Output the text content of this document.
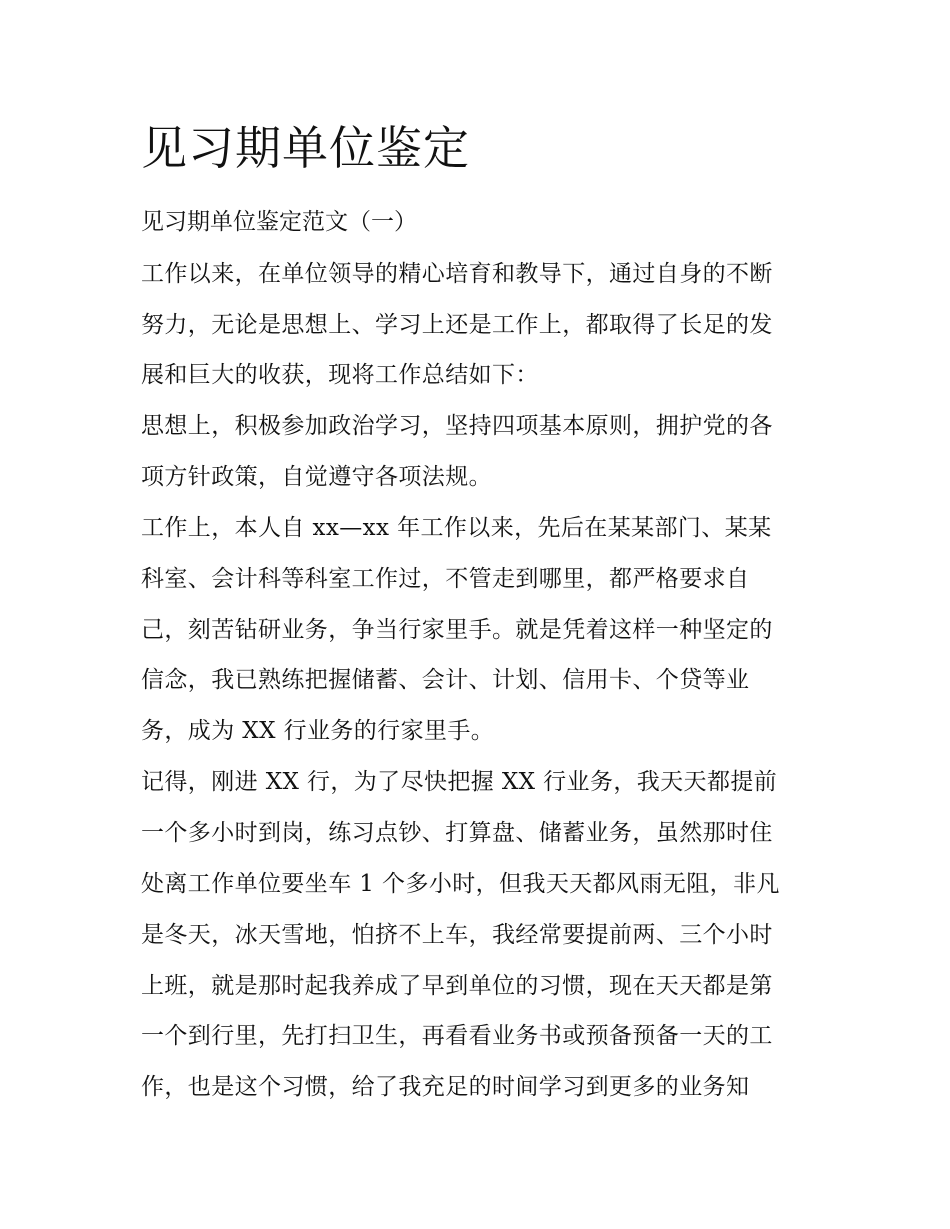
见习期单位鉴定

见习期单位鉴定范文（一）

工作以来，在单位领导的精心培育和教导下，通过自身的不断

努力，无论是思想上、学习上还是工作上，都取得了长足的发

展和巨大的收获，现将工作总结如下：

思想上，积极参加政治学习，坚持四项基本原则，拥护党的各

项方针政策，自觉遵守各项法规。

工作上，本人自 xx—xx 年工作以来，先后在某某部门、某某

科室、会计科等科室工作过，不管走到哪里，都严格要求自

己，刻苦钻研业务，争当行家里手。就是凭着这样一种坚定的

信念，我已熟练把握储蓄、会计、计划、信用卡、个贷等业

务，成为 XX 行业务的行家里手。

记得，刚进 XX 行，为了尽快把握 XX 行业务，我天天都提前

一个多小时到岗，练习点钞、打算盘、储蓄业务，虽然那时住

处离工作单位要坐车 1 个多小时，但我天天都风雨无阻，非凡

是冬天，冰天雪地，怕挤不上车，我经常要提前两、三个小时

上班，就是那时起我养成了早到单位的习惯，现在天天都是第

一个到行里，先打扫卫生，再看看业务书或预备预备一天的工

作，也是这个习惯，给了我充足的时间学习到更多的业务知
